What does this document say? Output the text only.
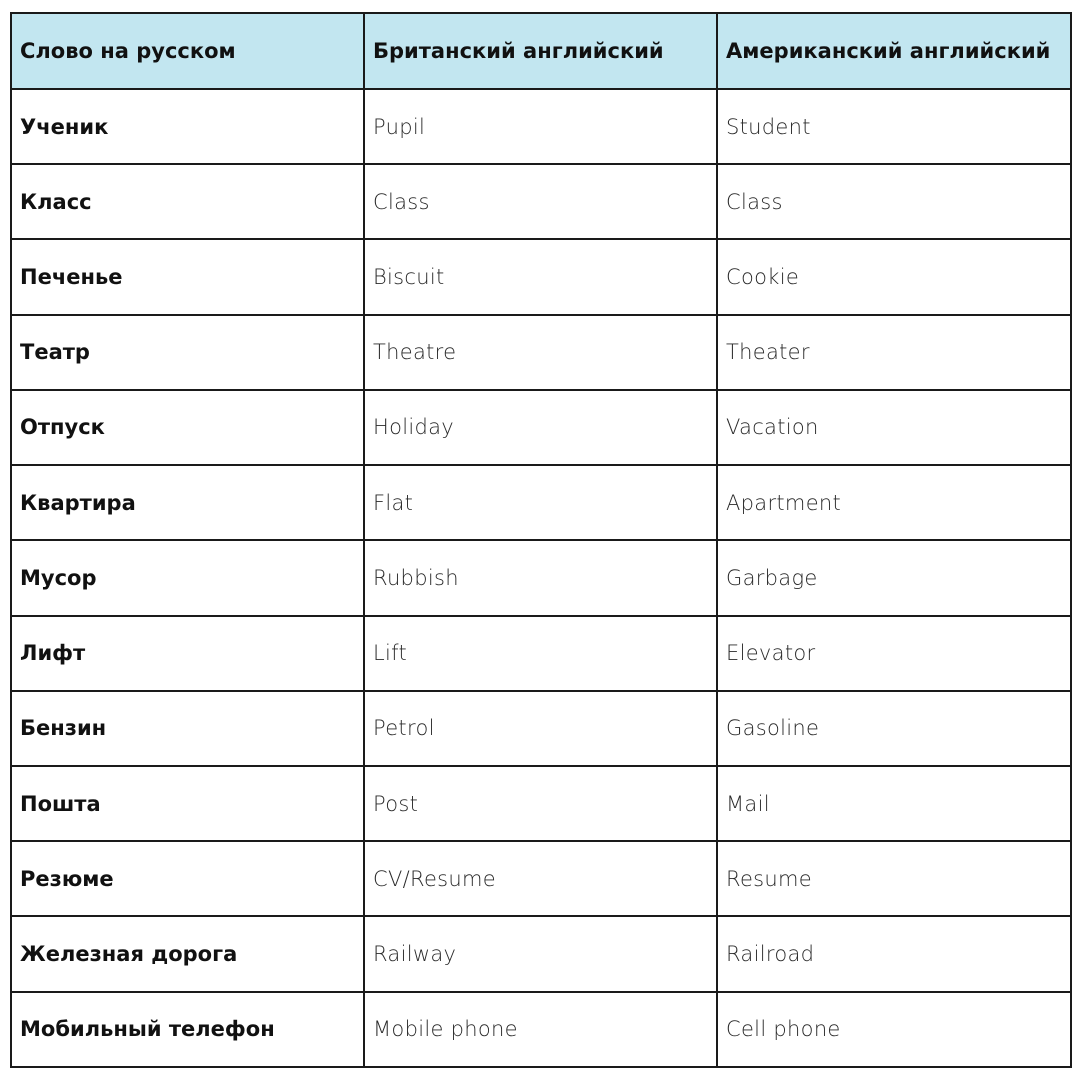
Слово на русском	Британский английский	Американский английский
Ученик	Pupil	Student
Класс	Class	Class
Печенье	Biscuit	Cookie
Театр	Theatre	Theater
Отпуск	Holiday	Vacation
Квартира	Flat	Apartment
Мусор	Rubbish	Garbage
Лифт	Lift	Elevator
Бензин	Petrol	Gasoline
Пошта	Post	Mail
Резюме	CV/Resume	Resume
Железная дорога	Railway	Railroad
Мобильный телефон	Mobile phone	Cell phone
